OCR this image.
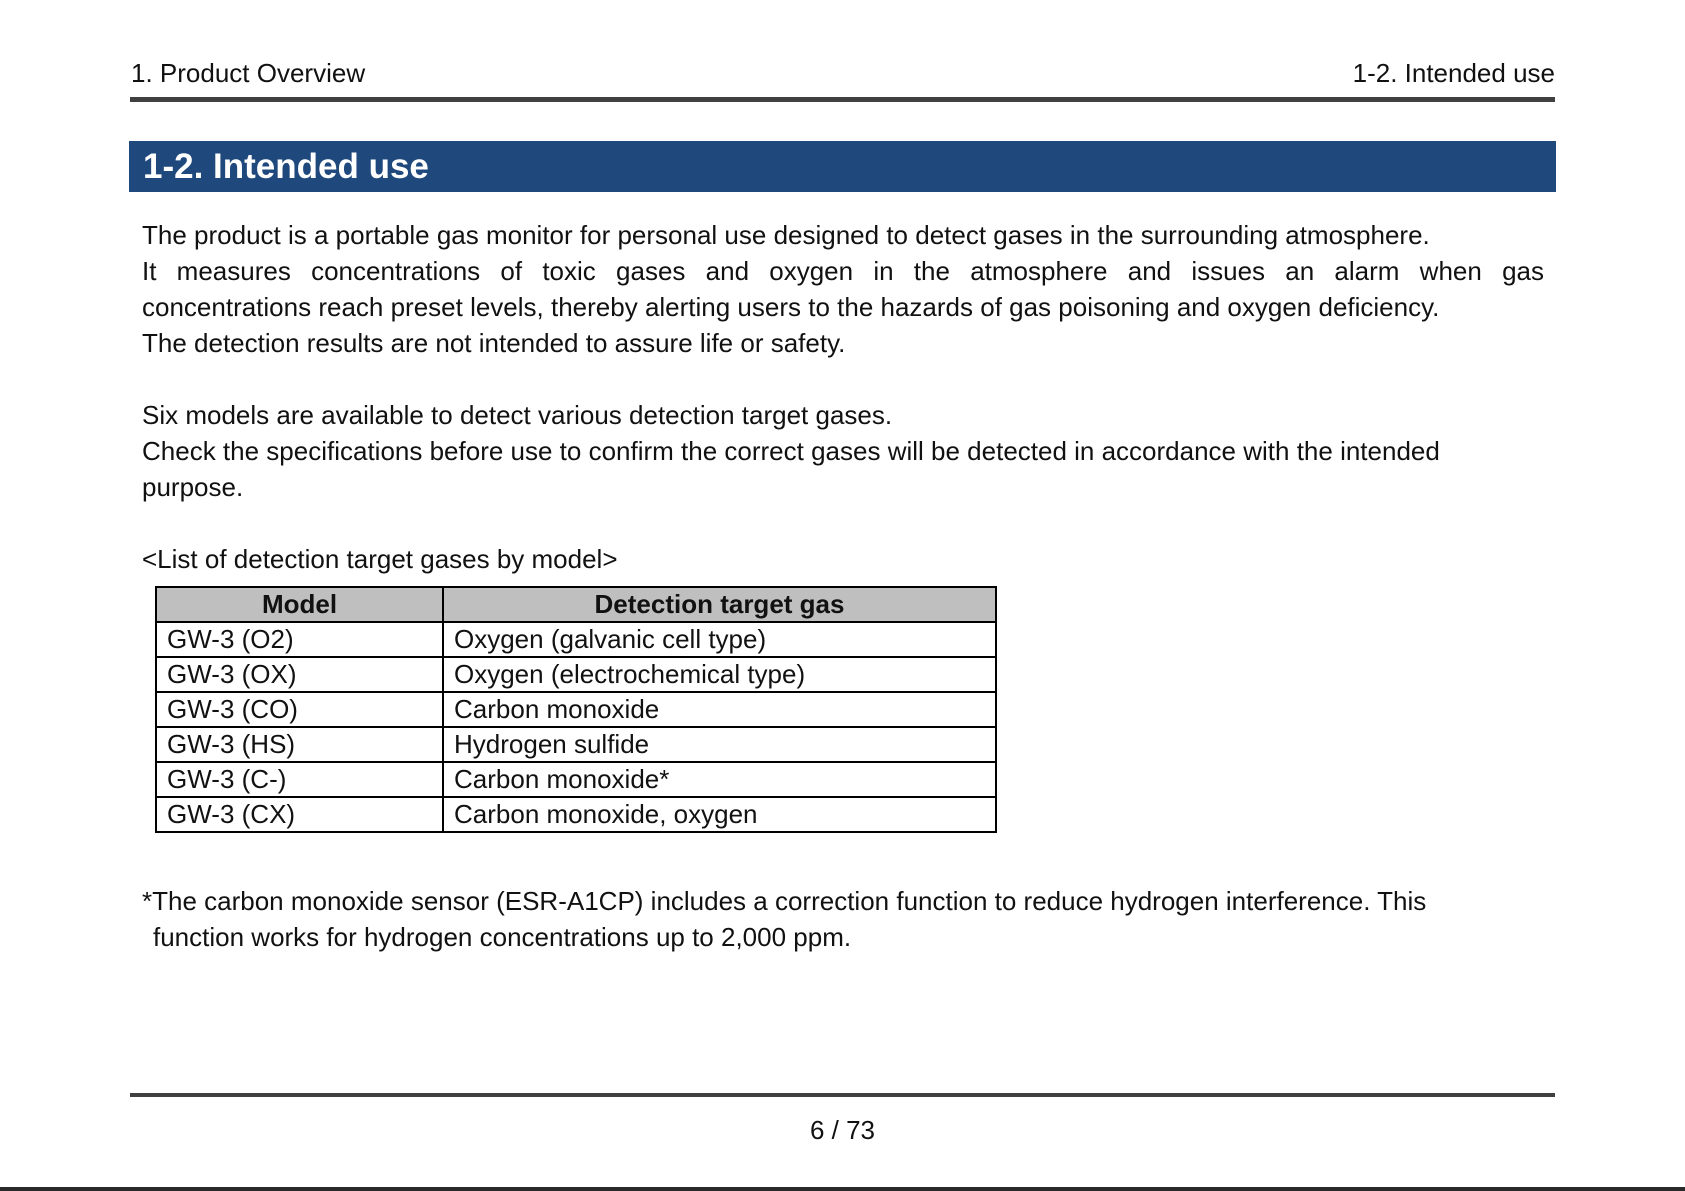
1. Product Overview	1-2. Intended use
1-2. Intended use
The product is a portable gas monitor for personal use designed to detect gases in the surrounding atmosphere.
It measures concentrations of toxic gases and oxygen in the atmosphere and issues an alarm when gas
concentrations reach preset levels, thereby alerting users to the hazards of gas poisoning and oxygen deficiency.
The detection results are not intended to assure life or safety.
Six models are available to detect various detection target gases.
Check the specifications before use to confirm the correct gases will be detected in accordance with the intended
purpose.
<List of detection target gases by model>
Model	Detection target gas
GW-3 (O2)	Oxygen (galvanic cell type)
GW-3 (OX)	Oxygen (electrochemical type)
GW-3 (CO)	Carbon monoxide
GW-3 (HS)	Hydrogen sulfide
GW-3 (C-)	Carbon monoxide*
GW-3 (CX)	Carbon monoxide, oxygen
*The carbon monoxide sensor (ESR-A1CP) includes a correction function to reduce hydrogen interference. This
function works for hydrogen concentrations up to 2,000 ppm.
6 / 73
